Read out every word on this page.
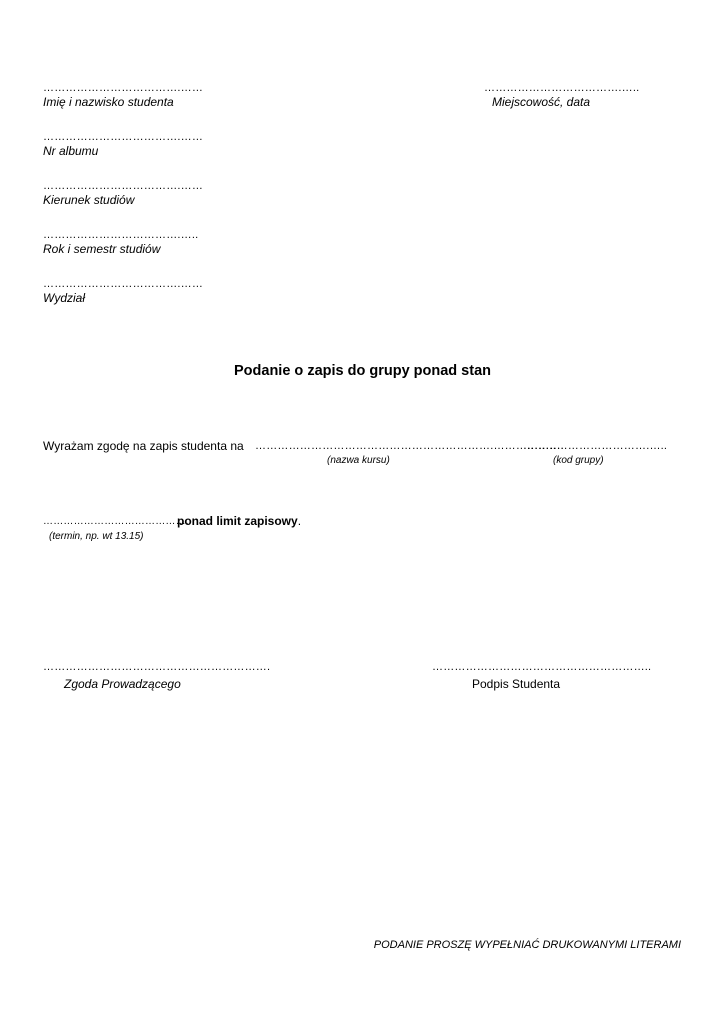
……………………………….……
Imię i nazwisko studenta
……………………………….……
Nr albumu
……………………………….……
Kierunek studiów
……………………………….…..
Rok i semestr studiów
……………………………….……
Wydział
……………………………….…..
Miejscowość, data
Podanie o zapis do grupy ponad stan
Wyrażam zgodę na zapis studenta na ……………………………………………………….……………….
(nazwa kursu)
…………………………….…..
(kod grupy)
…………………………………….
ponad limit zapisowy.
(termin, np. wt 13.15)
…………………………………………………….
Zgoda Prowadzącego
…………………………………………………..
Podpis Studenta
PODANIE PROSZĘ WYPEŁNIAĆ DRUKOWANYMI LITERAMI
